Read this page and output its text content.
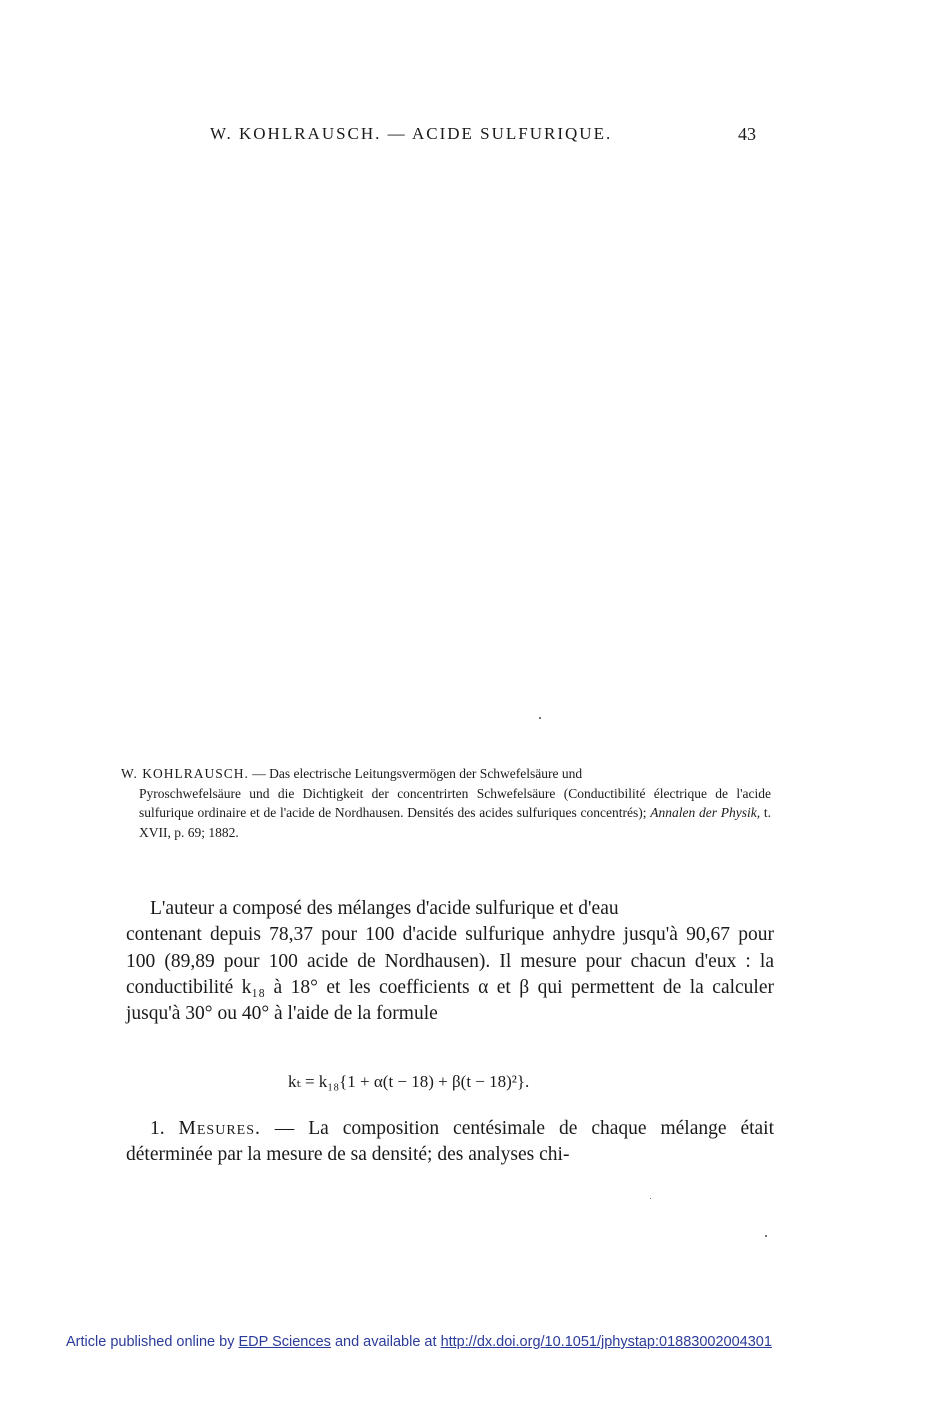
W. KOHLRAUSCH. — ACIDE SULFURIQUE.	43
W. KOHLRAUSCH. — Das electrische Leitungsvermögen der Schwefelsäure und
Pyroschwefelsäure und die Dichtigkeit der concentrirten Schwefelsäure (Conductibilité électrique de l'acide sulfurique ordinaire et de l'acide de Nordhausen. Densités des acides sulfuriques concentrés); Annalen der Physik, t. XVII, p. 69; 1882.
L'auteur a composé des mélanges d'acide sulfurique et d'eau
contenant depuis 78,37 pour 100 d'acide sulfurique anhydre jusqu'à 90,67 pour 100 (89,89 pour 100 acide de Nordhausen). Il mesure pour chacun d'eux : la conductibilité k₁₈ à 18° et les coefficients α et β qui permettent de la calculer jusqu'à 30° ou 40° à l'aide de la formule
kₜ = k₁₈{1 + α(t − 18) + β(t − 18)²}.
1. Mesures. — La composition centésimale de chaque mélange était déterminée par la mesure de sa densité; des analyses chi-
Article published online by EDP Sciences and available at http://dx.doi.org/10.1051/jphystap:01883002004301
